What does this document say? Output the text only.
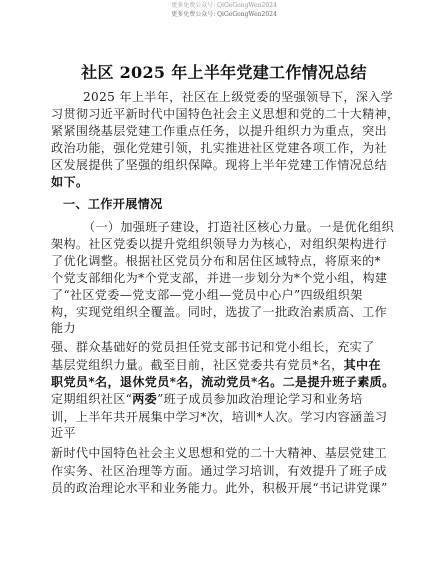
更多免费公众号: QiGeGongWen2024
更多免费公众号: QiGeGongWen2024
社区 2025 年上半年党建工作情况总结
2025 年上半年，社区在上级党委的坚强领导下，深入学
习贯彻习近平新时代中国特色社会主义思想和党的二十大精神，
紧紧围绕基层党建工作重点任务，以提升组织力为重点，突出
政治功能，强化党建引领，扎实推进社区党建各项工作，为社
区发展提供了坚强的组织保障。现将上半年党建工作情况总结
如下。
一、工作开展情况
（一）加强班子建设，打造社区核心力量。一是优化组织
架构。社区党委以提升党组织领导力为核心，对组织架构进行
了优化调整。根据社区党员分布和居住区域特点，将原来的*
个党支部细化为*个党支部，并进一步划分为*个党小组，构建
了“社区党委—党支部—党小组—党员中心户”四级组织架
构，实现党组织全覆盖。同时，选拔了一批政治素质高、工作
能力
强、群众基础好的党员担任党支部书记和党小组长，充实了
基层党组织力量。截至目前，社区党委共有党员*名，其中在
职党员*名，退休党员*名，流动党员*名。二是提升班子素质。
定期组织社区“两委”班子成员参加政治理论学习和业务培
训，上半年共开展集中学习*次，培训*人次。学习内容涵盖习
近平
新时代中国特色社会主义思想和党的二十大精神、基层党建工
作实务、社区治理等方面。通过学习培训，有效提升了班子成
员的政治理论水平和业务能力。此外，积极开展“书记讲党课”
